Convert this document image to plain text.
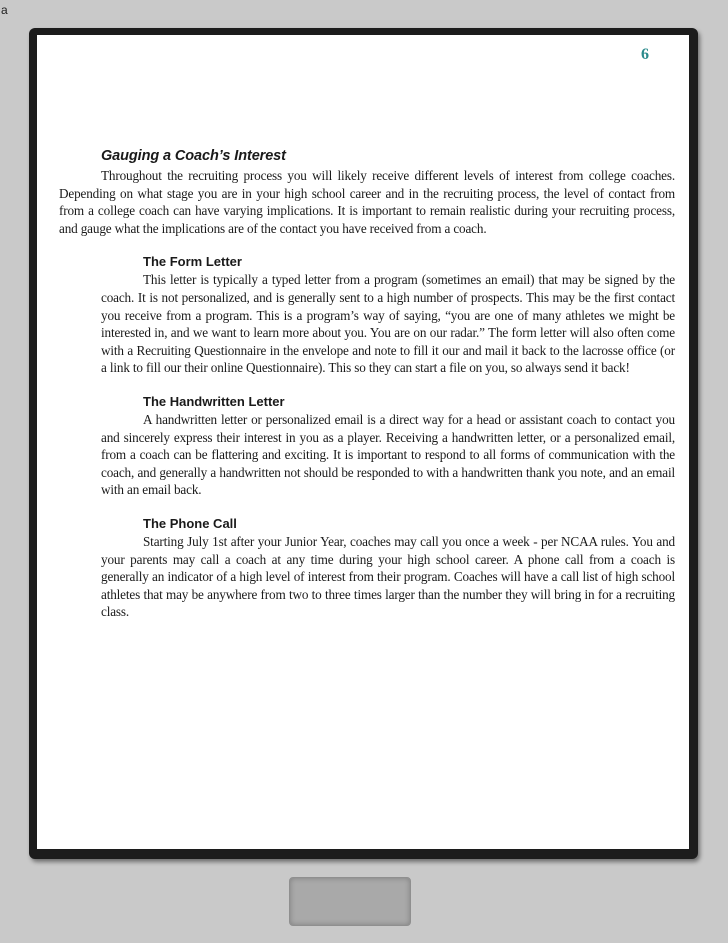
a
6
Gauging a Coach’s Interest

Throughout the recruiting process you will likely receive different levels of interest from college coaches. Depending on what stage you are in your high school career and in the recruiting process, the level of contact from from a college coach can have varying implications. It is important to remain realistic during your recruiting process, and gauge what the implications are of the contact you have received from a coach.

The Form Letter

This letter is typically a typed letter from a program (sometimes an email) that may be signed by the coach. It is not personalized, and is generally sent to a high number of prospects. This may be the first contact you receive from a program. This is a program’s way of saying, “you are one of many athletes we might be interested in, and we want to learn more about you. You are on our radar.” The form letter will also often come with a Recruiting Questionnaire in the envelope and note to fill it our and mail it back to the lacrosse office (or a link to fill our their online Questionnaire). This so they can start a file on you, so always send it back!

The Handwritten Letter

A handwritten letter or personalized email is a direct way for a head or assistant coach to contact you and sincerely express their interest in you as a player. Receiving a handwritten letter, or a personalized email, from a coach can be flattering and exciting. It is important to respond to all forms of communication with the coach, and generally a handwritten not should be responded to with a handwritten thank you note, and an email with an email back.

The Phone Call

Starting July 1st after your Junior Year, coaches may call you once a week - per NCAA rules. You and your parents may call a coach at any time during your high school career. A phone call from a coach is generally an indicator of a high level of interest from their program. Coaches will have a call list of high school athletes that may be anywhere from two to three times larger than the number they will bring in for a recruiting class.
